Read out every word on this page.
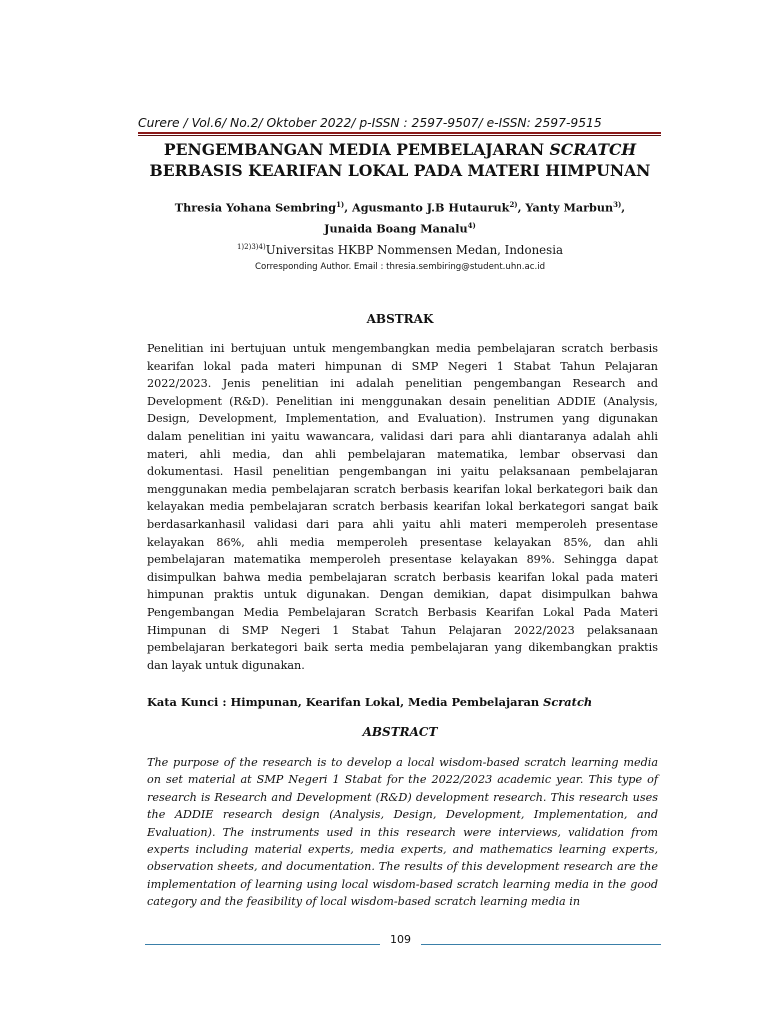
Curere / Vol.6/ No.2/ Oktober 2022/ p-ISSN : 2597-9507/ e-ISSN: 2597-9515
PENGEMBANGAN MEDIA PEMBELAJARAN SCRATCH BERBASIS KEARIFAN LOKAL PADA MATERI HIMPUNAN
Thresia Yohana Sembring$^{1)}$, Agusmanto J.B Hutauruk$^{2)}$, Yanty Marbun$^{3)}$,
Junaida Boang Manalu$^{4)}$
$^{1)2)3)4)}$Universitas HKBP Nommensen Medan, Indonesia
Corresponding Author. Email : thresia.sembiring@student.uhn.ac.id
ABSTRAK

Penelitian ini bertujuan untuk mengembangkan media pembelajaran scratch berbasis kearifan lokal pada materi himpunan di SMP Negeri 1 Stabat Tahun Pelajaran 2022/2023. Jenis penelitian ini adalah penelitian pengembangan Research and Development (R&D). Penelitian ini menggunakan desain penelitian ADDIE (Analysis, Design, Development, Implementation, and Evaluation). Instrumen yang digunakan dalam penelitian ini yaitu wawancara, validasi dari para ahli diantaranya adalah ahli materi, ahli media, dan ahli pembelajaran matematika, lembar observasi dan dokumentasi. Hasil penelitian pengembangan ini yaitu pelaksanaan pembelajaran menggunakan media pembelajaran scratch berbasis kearifan lokal berkategori baik dan kelayakan media pembelajaran scratch berbasis kearifan lokal berkategori sangat baik berdasarkanhasil validasi dari para ahli yaitu ahli materi memperoleh presentase kelayakan 86%, ahli media memperoleh presentase kelayakan 85%, dan ahli pembelajaran matematika memperoleh presentase kelayakan 89%. Sehingga dapat disimpulkan bahwa media pembelajaran scratch berbasis kearifan lokal pada materi himpunan praktis untuk digunakan. Dengan demikian, dapat disimpulkan bahwa Pengembangan Media Pembelajaran Scratch Berbasis Kearifan Lokal Pada Materi Himpunan di SMP Negeri 1 Stabat Tahun Pelajaran 2022/2023 pelaksanaan pembelajaran berkategori baik serta media pembelajaran yang dikembangkan praktis dan layak untuk digunakan.

Kata Kunci : Himpunan, Kearifan Lokal, Media Pembelajaran Scratch

ABSTRACT

The purpose of the research is to develop a local wisdom-based scratch learning media on set material at SMP Negeri 1 Stabat for the 2022/2023 academic year. This type of research is Research and Development (R&D) development research. This research uses the ADDIE research design (Analysis, Design, Development, Implementation, and Evaluation). The instruments used in this research were interviews, validation from experts including material experts, media experts, and mathematics learning experts, observation sheets, and documentation. The results of this development research are the implementation of learning using local wisdom-based scratch learning media in the good category and the feasibility of local wisdom-based scratch learning media in

109
